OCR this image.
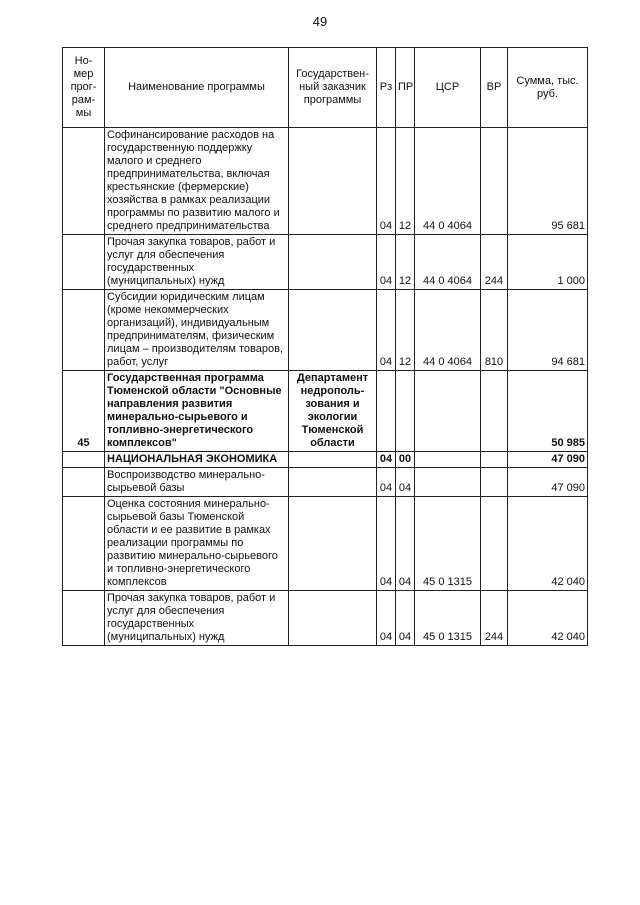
49
Но-мер прог-рам-мы	Наименование программы	Государствен-ный заказчик программы	Рз	ПР	ЦСР	ВР	Сумма, тыс. руб.
	Софинансирование расходов на государственную поддержку малого и среднего предпринимательства, включая крестьянские (фермерские) хозяйства в рамках реализации программы по развитию малого и среднего предпринимательства		04	12	44 0 4064		95 681
	Прочая закупка товаров, работ и услуг для обеспечения государственных (муниципальных) нужд		04	12	44 0 4064	244	1 000
	Субсидии юридическим лицам (кроме некоммерческих организаций), индивидуальным предпринимателям, физическим лицам – производителям товаров, работ, услуг		04	12	44 0 4064	810	94 681
45	Государственная программа Тюменской области "Основные направления развития минерально-сырьевого и топливно-энергетического комплексов"	Департамент недрополь-зования и экологии Тюменской области					50 985
	НАЦИОНАЛЬНАЯ ЭКОНОМИКА		04	00			47 090
	Воспроизводство минерально-сырьевой базы		04	04			47 090
	Оценка состояния минерально-сырьевой базы Тюменской области и ее развитие в рамках реализации программы по развитию минерально-сырьевого и топливно-энергетического комплексов		04	04	45 0 1315		42 040
	Прочая закупка товаров, работ и услуг для обеспечения государственных (муниципальных) нужд		04	04	45 0 1315	244	42 040
